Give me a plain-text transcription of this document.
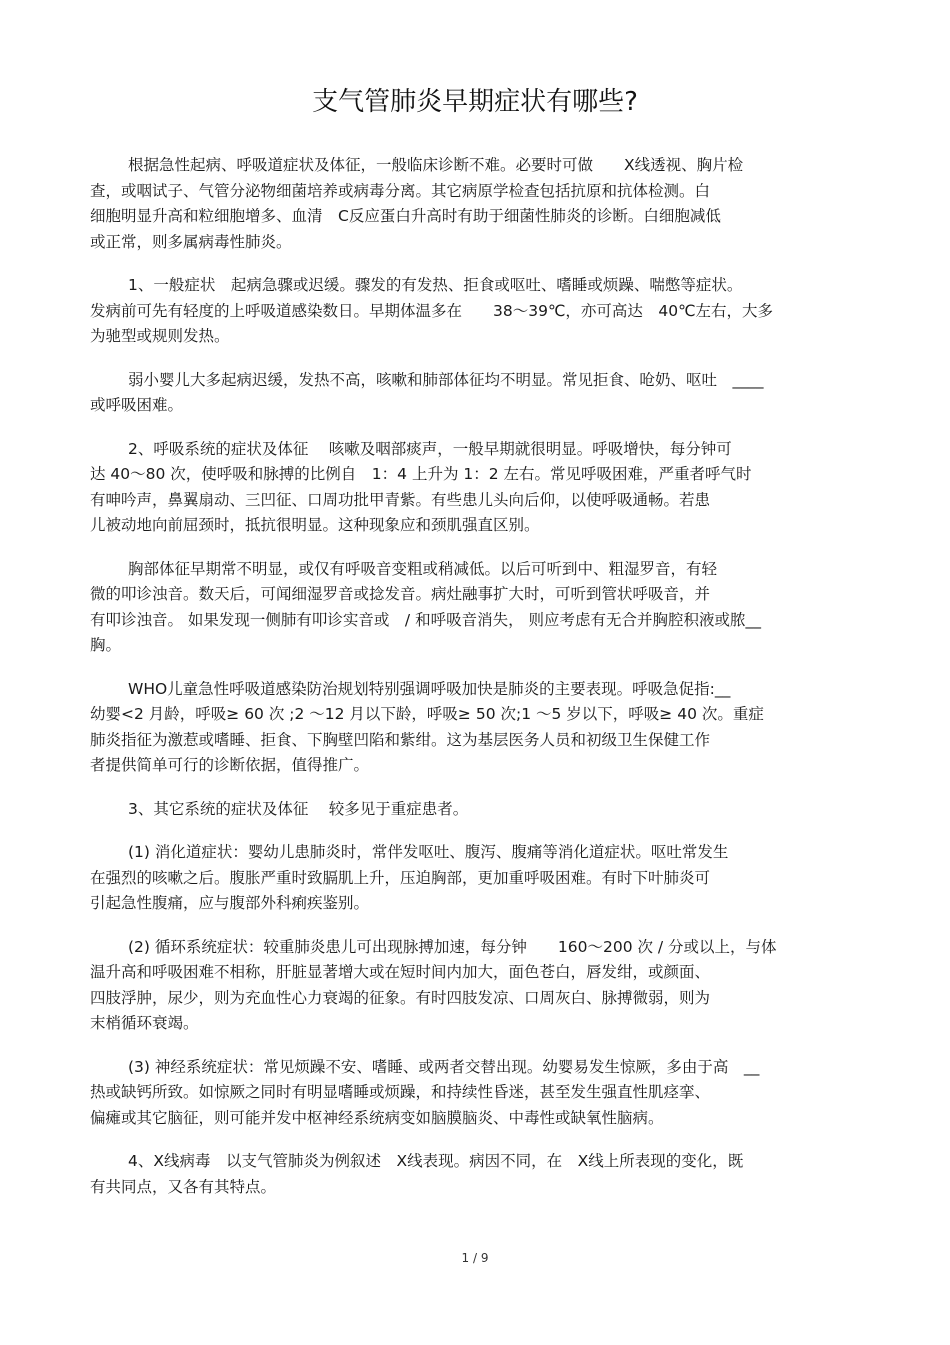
支气管肺炎早期症状有哪些?
根据急性起病、呼吸道症状及体征，一般临床诊断不难。必要时可做　　X线透视、胸片检
查，或咽试子、气管分泌物细菌培养或病毒分离。其它病原学检查包括抗原和抗体检测。白
细胞明显升高和粒细胞增多、血清　C反应蛋白升高时有助于细菌性肺炎的诊断。白细胞减低
或正常，则多属病毒性肺炎。
1、一般症状　起病急骤或迟缓。骤发的有发热、拒食或呕吐、嗜睡或烦躁、喘憋等症状。
发病前可先有轻度的上呼吸道感染数日。早期体温多在　　38～39℃，亦可高达　40℃左右，大多
为驰型或规则发热。
弱小婴儿大多起病迟缓，发热不高，咳嗽和肺部体征均不明显。常见拒食、呛奶、呕吐　____
或呼吸困难。
2、呼吸系统的症状及体征　 咳嗽及咽部痰声，一般早期就很明显。呼吸增快，每分钟可
达 40～80 次，使呼吸和脉搏的比例自　1：4 上升为 1：2 左右。常见呼吸困难，严重者呼气时
有呻吟声，鼻翼扇动、三凹征、口周功批甲青紫。有些患儿头向后仰，以使呼吸通畅。若患
儿被动地向前屈颈时，抵抗很明显。这种现象应和颈肌强直区别。
胸部体征早期常不明显，或仅有呼吸音变粗或稍减低。以后可听到中、粗湿罗音，有轻
微的叩诊浊音。数天后，可闻细湿罗音或捻发音。病灶融事扩大时，可听到管状呼吸音，并
有叩诊浊音。 如果发现一侧肺有叩诊实音或　/ 和呼吸音消失， 则应考虑有无合并胸腔积液或脓__
胸。
WHO儿童急性呼吸道感染防治规划特别强调呼吸加快是肺炎的主要表现。呼吸急促指:__
幼婴<2 月龄，呼吸≥ 60 次 ;2 ～12 月以下龄，呼吸≥ 50 次;1 ～5 岁以下，呼吸≥ 40 次。重症
肺炎指征为激惹或嗜睡、拒食、下胸壁凹陷和紫绀。这为基层医务人员和初级卫生保健工作
者提供简单可行的诊断依据，值得推广。
3、其它系统的症状及体征　 较多见于重症患者。
(1) 消化道症状：婴幼儿患肺炎时，常伴发呕吐、腹泻、腹痛等消化道症状。呕吐常发生
在强烈的咳嗽之后。腹胀严重时致膈肌上升，压迫胸部，更加重呼吸困难。有时下叶肺炎可
引起急性腹痛，应与腹部外科痢疾鉴别。
(2) 循环系统症状：较重肺炎患儿可出现脉搏加速，每分钟　　160～200 次 / 分或以上，与体
温升高和呼吸困难不相称，肝脏显著增大或在短时间内加大，面色苍白，唇发绀，或颜面、
四肢浮肿，尿少，则为充血性心力衰竭的征象。有时四肢发凉、口周灰白、脉搏微弱，则为
末梢循环衰竭。
(3) 神经系统症状：常见烦躁不安、嗜睡、或两者交替出现。幼婴易发生惊厥，多由于高　__
热或缺钙所致。如惊厥之同时有明显嗜睡或烦躁，和持续性昏迷，甚至发生强直性肌痉挛、
偏瘫或其它脑征，则可能并发中枢神经系统病变如脑膜脑炎、中毒性或缺氧性脑病。
4、X线病毒　以支气管肺炎为例叙述　X线表现。病因不同，在　X线上所表现的变化，既
有共同点，又各有其特点。
1 / 9
